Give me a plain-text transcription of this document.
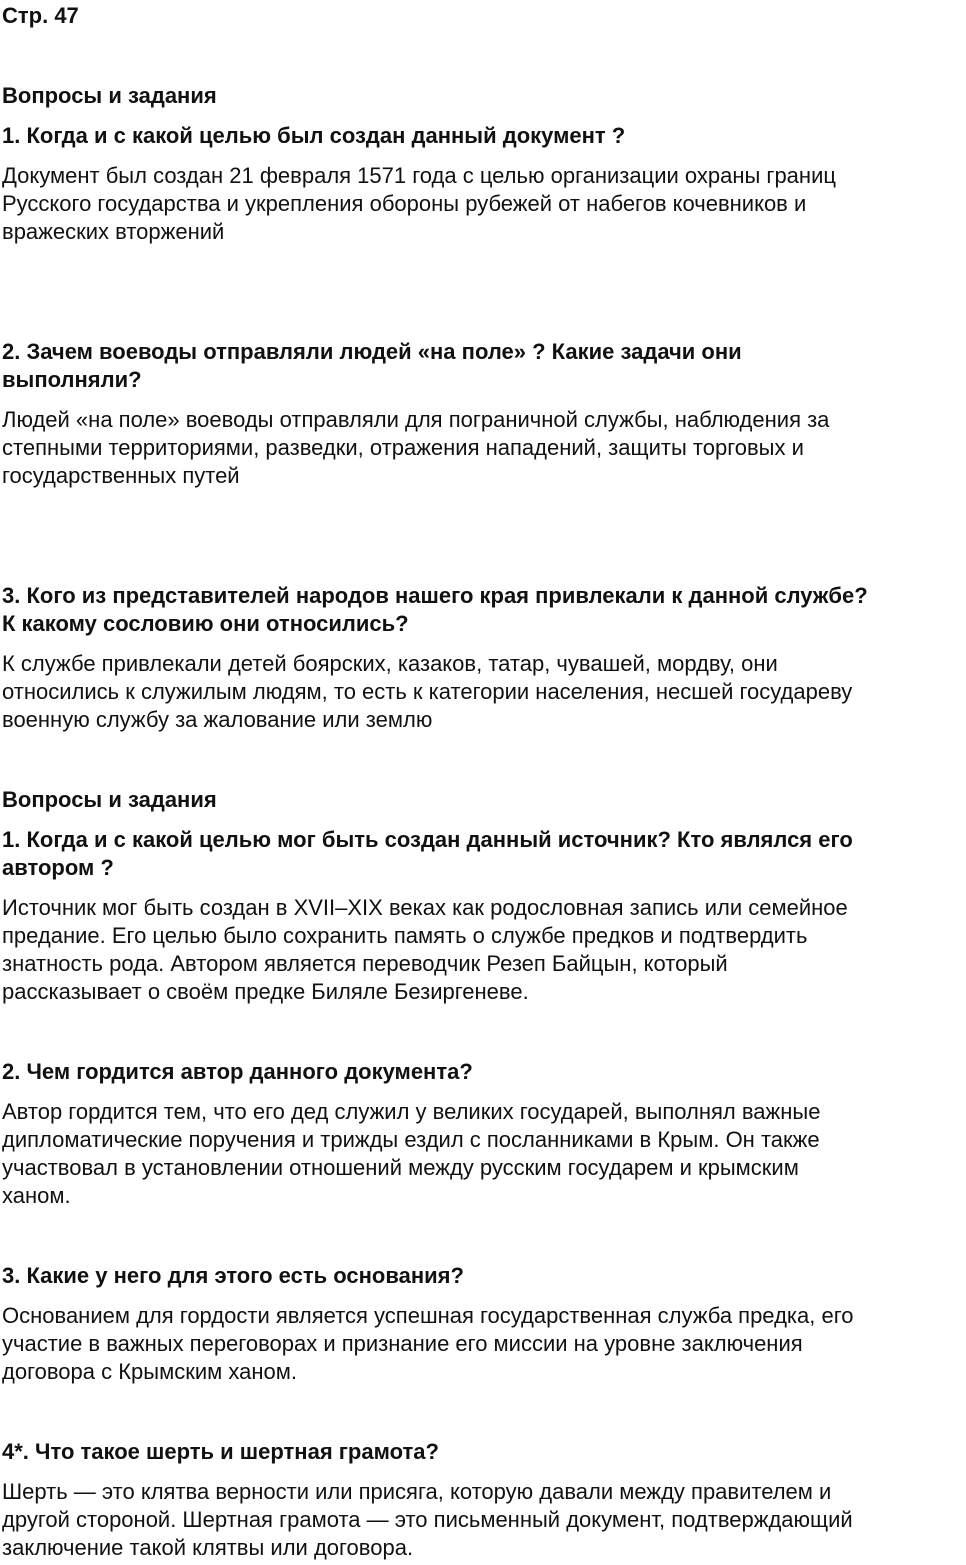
Стр. 47
Вопросы и задания
1. Когда и с какой целью был создан данный документ ?
Документ был создан 21 февраля 1571 года с целью организации охраны границ
Русского государства и укрепления обороны рубежей от набегов кочевников и
вражеских вторжений
2. Зачем воеводы отправляли людей «на поле» ? Какие задачи они
выполняли?
Людей «на поле» воеводы отправляли для пограничной службы, наблюдения за
степными территориями, разведки, отражения нападений, защиты торговых и
государственных путей
3. Кого из представителей народов нашего края привлекали к данной службе?
К какому сословию они относились?
К службе привлекали детей боярских, казаков, татар, чувашей, мордву, они
относились к служилым людям, то есть к категории населения, несшей государеву
военную службу за жалование или землю
Вопросы и задания
1. Когда и с какой целью мог быть создан данный источник? Кто являлся его
автором ?
Источник мог быть создан в XVII–XIX веках как родословная запись или семейное
предание. Его целью было сохранить память о службе предков и подтвердить
знатность рода. Автором является переводчик Резеп Байцын, который
рассказывает о своём предке Биляле Безиргеневе.
2. Чем гордится автор данного документа?
Автор гордится тем, что его дед служил у великих государей, выполнял важные
дипломатические поручения и трижды ездил с посланниками в Крым. Он также
участвовал в установлении отношений между русским государем и крымским
ханом.
3. Какие у него для этого есть основания?
Основанием для гордости является успешная государственная служба предка, его
участие в важных переговорах и признание его миссии на уровне заключения
договора с Крымским ханом.
4*. Что такое шерть и шертная грамота?
Шерть — это клятва верности или присяга, которую давали между правителем и
другой стороной. Шертная грамота — это письменный документ, подтверждающий
заключение такой клятвы или договора.
